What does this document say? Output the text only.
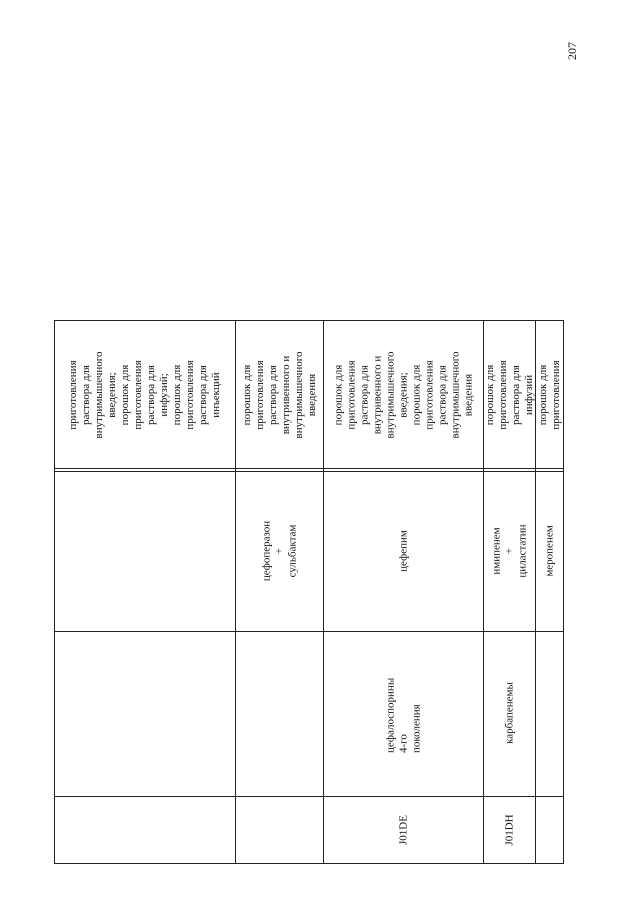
207
приготовления
раствора для
внутримышечного
введения;
порошок для
приготовления
раствора для
инфузий;
порошок для
приготовления
раствора для
инъекций порошок для
приготовления
раствора для
внутривенного и
внутримышечного
введения
цефоперазон + сульбактам
порошок для
приготовления
раствора для
внутривенного и
внутримышечного
введения;
порошок для
приготовления
раствора для
внутримышечного
введения
цефепим
цефалоспорины 4-го
поколения
J01DE
порошок для
приготовления
раствора для инфузий
имипенем + циластатин
карбапенемы
J01DH
порошок для
приготовления
меропенем
